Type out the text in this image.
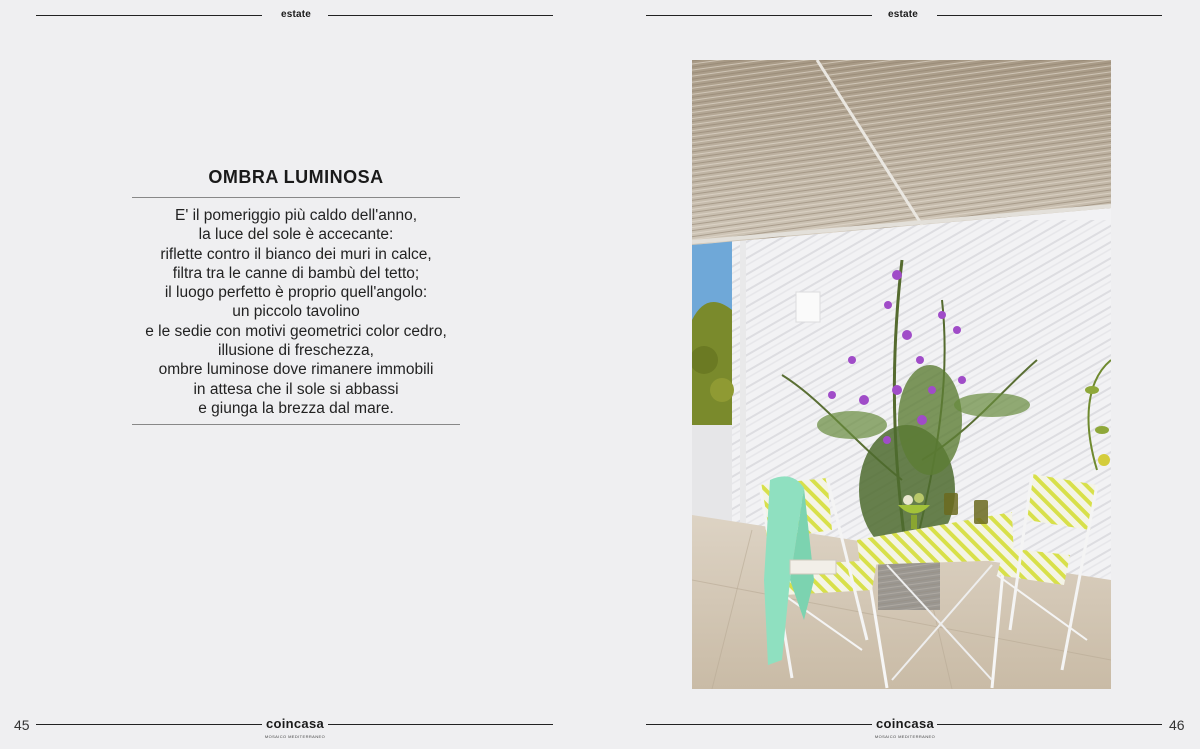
estate
OMBRA LUMINOSA
E' il pomeriggio più caldo dell'anno,
la luce del sole è accecante:
riflette contro il bianco dei muri in calce,
filtra tra le canne di bambù del tetto;
il luogo perfetto è proprio quell'angolo:
un piccolo tavolino
e le sedie con motivi geometrici color cedro,
illusione di freschezza,
ombre luminose dove rimanere immobili
in attesa che il sole si abbassi
e giunga la brezza dal mare.
45	coincasa
MOSAICO MEDITERRANEO
estate
coincasa
MOSAICO MEDITERRANEO
46
